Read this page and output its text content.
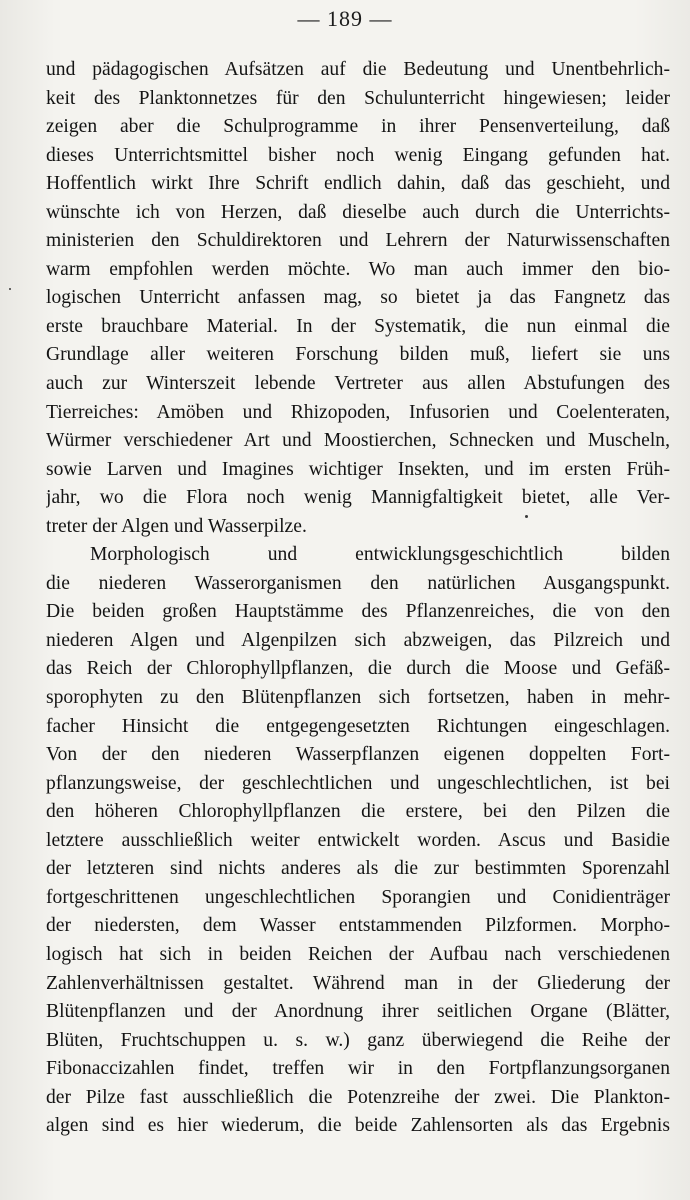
— 189 —
und pädagogischen Aufsätzen auf die Bedeutung und Unentbehrlich-
keit des Planktonnetzes für den Schulunterricht hingewiesen; leider
zeigen aber die Schulprogramme in ihrer Pensenverteilung, daß
dieses Unterrichtsmittel bisher noch wenig Eingang gefunden hat.
Hoffentlich wirkt Ihre Schrift endlich dahin, daß das geschieht, und
wünschte ich von Herzen, daß dieselbe auch durch die Unterrichts-
ministerien den Schuldirektoren und Lehrern der Naturwissenschaften
warm empfohlen werden möchte. Wo man auch immer den bio-
logischen Unterricht anfassen mag, so bietet ja das Fangnetz das
erste brauchbare Material. In der Systematik, die nun einmal die
Grundlage aller weiteren Forschung bilden muß, liefert sie uns
auch zur Winterszeit lebende Vertreter aus allen Abstufungen des
Tierreiches: Amöben und Rhizopoden, Infusorien und Coelenteraten,
Würmer verschiedener Art und Moostierchen, Schnecken und Muscheln,
sowie Larven und Imagines wichtiger Insekten, und im ersten Früh-
jahr, wo die Flora noch wenig Mannigfaltigkeit bietet, alle Ver-
treter der Algen und Wasserpilze.
Morphologisch und entwicklungsgeschichtlich bilden
die niederen Wasserorganismen den natürlichen Ausgangspunkt.
Die beiden großen Hauptstämme des Pflanzenreiches, die von den
niederen Algen und Algenpilzen sich abzweigen, das Pilzreich und
das Reich der Chlorophyllpflanzen, die durch die Moose und Gefäß-
sporophyten zu den Blütenpflanzen sich fortsetzen, haben in mehr-
facher Hinsicht die entgegengesetzten Richtungen eingeschlagen.
Von der den niederen Wasserpflanzen eigenen doppelten Fort-
pflanzungsweise, der geschlechtlichen und ungeschlechtlichen, ist bei
den höheren Chlorophyllpflanzen die erstere, bei den Pilzen die
letztere ausschließlich weiter entwickelt worden. Ascus und Basidie
der letzteren sind nichts anderes als die zur bestimmten Sporenzahl
fortgeschrittenen ungeschlechtlichen Sporangien und Conidienträger
der niedersten, dem Wasser entstammenden Pilzformen. Morpho-
logisch hat sich in beiden Reichen der Aufbau nach verschiedenen
Zahlenverhältnissen gestaltet. Während man in der Gliederung der
Blütenpflanzen und der Anordnung ihrer seitlichen Organe (Blätter,
Blüten, Fruchtschuppen u. s. w.) ganz überwiegend die Reihe der
Fibonaccizahlen findet, treffen wir in den Fortpflanzungsorganen
der Pilze fast ausschließlich die Potenzreihe der zwei. Die Plankton-
algen sind es hier wiederum, die beide Zahlensorten als das Ergebnis
